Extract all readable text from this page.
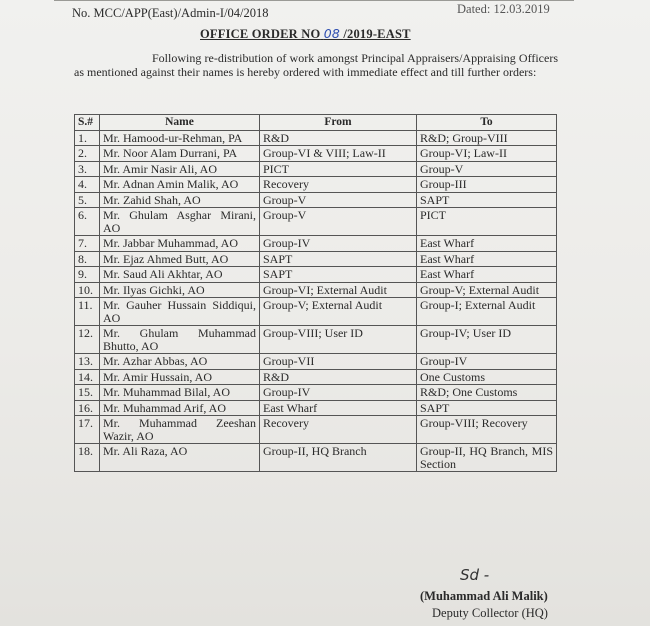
No. MCC/APP(East)/Admin-I/04/2018	Dated: 12.03.2019
OFFICE ORDER NO 08 /2019-EAST
Following re-distribution of work amongst Principal Appraisers/Appraising Officers as mentioned against their names is hereby ordered with immediate effect and till further orders:
S.#	Name	From	To
1.	Mr. Hamood-ur-Rehman, PA	R&D	R&D; Group-VIII
2.	Mr. Noor Alam Durrani, PA	Group-VI & VIII; Law-II	Group-VI; Law-II
3.	Mr. Amir Nasir Ali, AO	PICT	Group-V
4.	Mr. Adnan Amin Malik, AO	Recovery	Group-III
5.	Mr. Zahid Shah, AO	Group-V	SAPT
6.	Mr. Ghulam Asghar Mirani, AO	Group-V	PICT
7.	Mr. Jabbar Muhammad, AO	Group-IV	East Wharf
8.	Mr. Ejaz Ahmed Butt, AO	SAPT	East Wharf
9.	Mr. Saud Ali Akhtar, AO	SAPT	East Wharf
10.	Mr. Ilyas Gichki, AO	Group-VI; External Audit	Group-V; External Audit
11.	Mr. Gauher Hussain Siddiqui, AO	Group-V; External Audit	Group-I; External Audit
12.	Mr. Ghulam Muhammad Bhutto, AO	Group-VIII; User ID	Group-IV; User ID
13.	Mr. Azhar Abbas, AO	Group-VII	Group-IV
14.	Mr. Amir Hussain, AO	R&D	One Customs
15.	Mr. Muhammad Bilal, AO	Group-IV	R&D; One Customs
16.	Mr. Muhammad Arif, AO	East Wharf	SAPT
17.	Mr. Muhammad Zeeshan Wazir, AO	Recovery	Group-VIII; Recovery
18.	Mr. Ali Raza, AO	Group-II, HQ Branch	Group-II, HQ Branch, MIS Section
Sd -
(Muhammad Ali Malik)
Deputy Collector (HQ)
